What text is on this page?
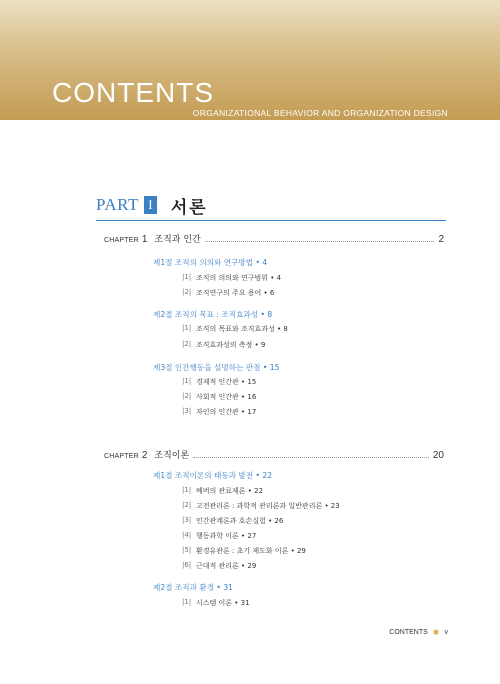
CONTENTS
ORGANIZATIONAL BEHAVIOR AND ORGANIZATION DESIGN
PART I 서론
CHAPTER 1 조직과 인간	2
제1절 조직의 의의와 연구방법 • 4
|1| 조직의 의의와 연구범위 • 4
|2| 조직연구의 주요 용어 • 6
제2절 조직의 목표 : 조직효과성 • 8
|1| 조직의 목표와 조직효과성 • 8
|2| 조직효과성의 측정 • 9
제3절 인간행동을 설명하는 관점 • 15
|1| 경제적 인간관 • 15
|2| 사회적 인간관 • 16
|3| 자인의 인간관 • 17
CHAPTER 2 조직이론	20
제1절 조직이론의 태동과 발전 • 22
|1| 베버의 관료제론 • 22
|2| 고전관리론 : 과학적 관리론과 일반관리론 • 23
|3| 인간관계론과 호손실험 • 26
|4| 행동과학 이론 • 27
|5| 환경유관론 : 초기 제도화 이론 • 29
|6| 근대적 관리론 • 29
제2절 조직과 환경 • 31
|1| 시스템 이론 • 31
CONTENTS ✱ v
